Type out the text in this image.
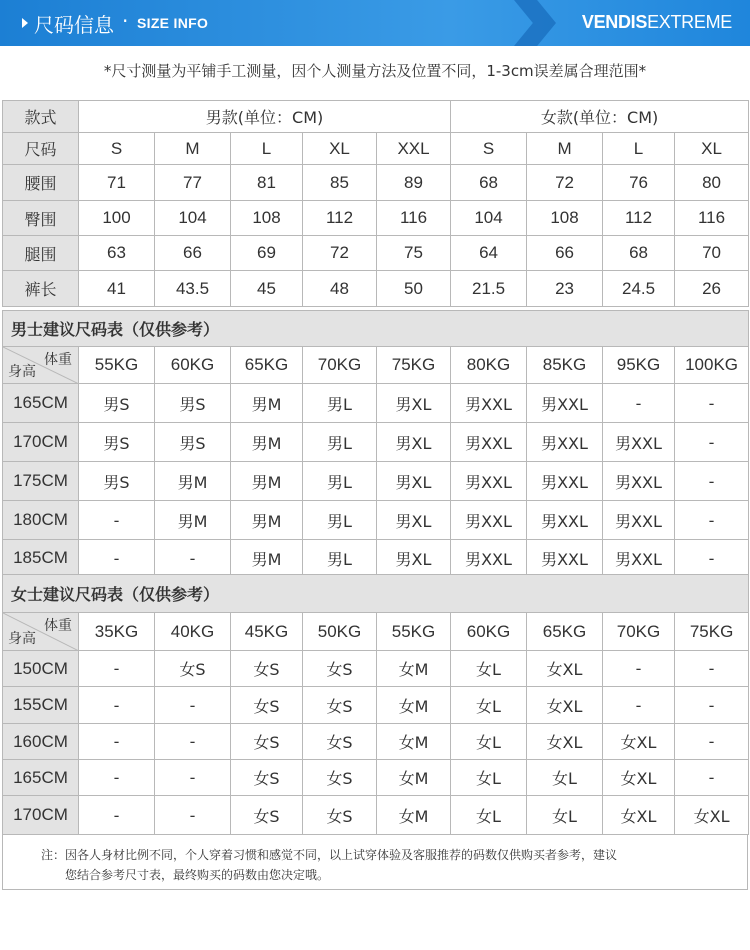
尺码信息 · SIZE INFO	VENDISEXTREME
*尺寸测量为平铺手工测量，因个人测量方法及位置不同，1-3cm误差属合理范围*
款式	男款(单位：CM)					女款(单位：CM)			
尺码	S	M	L	XL	XXL	S	M	L	XL
腰围	71	77	81	85	89	68	72	76	80
臀围	100	104	108	112	116	104	108	112	116
腿围	63	66	69	72	75	64	66	68	70
裤长	41	43.5	45	48	50	21.5	23	24.5	26
男士建议尺码表（仅供参考）									

体重
身高	55KG	60KG	65KG	70KG	75KG	80KG	85KG	95KG	100KG
165CM	男S	男S	男M	男L	男XL	男XXL	男XXL	-	-
170CM	男S	男S	男M	男L	男XL	男XXL	男XXL	男XXL	-
175CM	男S	男M	男M	男L	男XL	男XXL	男XXL	男XXL	-
180CM	-	男M	男M	男L	男XL	男XXL	男XXL	男XXL	-
185CM	-	-	男M	男L	男XL	男XXL	男XXL	男XXL	-
女士建议尺码表（仅供参考）									

体重
身高	35KG	40KG	45KG	50KG	55KG	60KG	65KG	70KG	75KG
150CM	-	女S	女S	女S	女M	女L	女XL	-	-
155CM	-	-	女S	女S	女M	女L	女XL	-	-
160CM	-	-	女S	女S	女M	女L	女XL	女XL	-
165CM	-	-	女S	女S	女M	女L	女L	女XL	-
170CM	-	-	女S	女S	女M	女L	女L	女XL	女XL
注：因各人身材比例不同，个人穿着习惯和感觉不同，以上试穿体验及客服推荐的码数仅供购买者参考，建议
您结合参考尺寸表，最终购买的码数由您决定哦。
